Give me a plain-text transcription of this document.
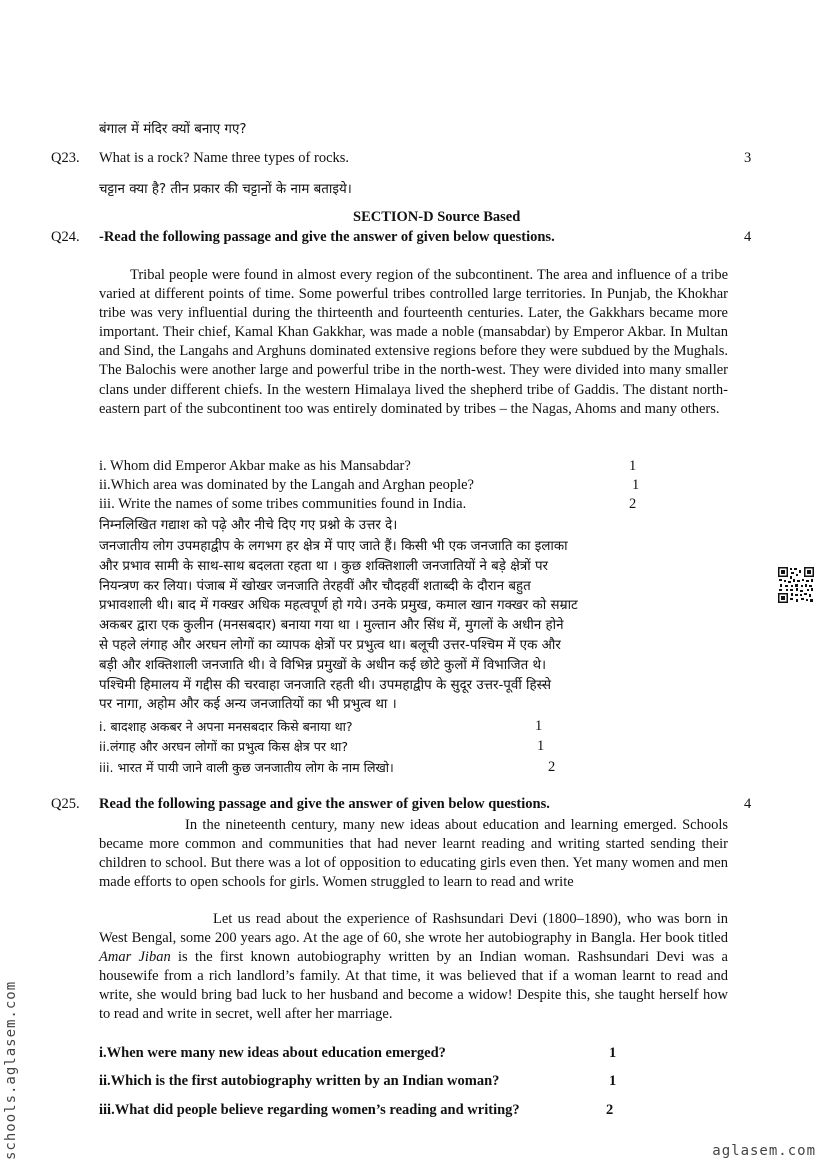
बंगाल में मंदिर क्यों बनाए गए?
Q23. What is a rock? Name three types of rocks.	3
चट्टान क्या है? तीन प्रकार की चट्टानों के नाम बताइये।
SECTION-D Source Based
Q24. -Read the following passage and give the answer of given below questions.	4
Tribal people were found in almost every region of the subcontinent. The area and influence of a tribe varied at different points of time. Some powerful tribes controlled large territories. In Punjab, the Khokhar tribe was very influential during the thirteenth and fourteenth centuries. Later, the Gakkhars became more important. Their chief, Kamal Khan Gakkhar, was made a noble (mansabdar) by Emperor Akbar. In Multan and Sind, the Langahs and Arghuns dominated extensive regions before they were subdued by the Mughals. The Balochis were another large and powerful tribe in the north-west. They were divided into many smaller clans under different chiefs. In the western Himalaya lived the shepherd tribe of Gaddis. The distant north-eastern part of the subcontinent too was entirely dominated by tribes – the Nagas, Ahoms and many others.
i. Whom did Emperor Akbar make as his Mansabdar?	1
ii.Which area was dominated by the Langah and Arghan people?	1
iii. Write the names of some tribes communities found in India.	2
निम्नलिखित गद्याश को पढ़े और नीचे दिए गए प्रश्नो के उत्तर दे।
जनजातीय लोग उपमहाद्वीप के लगभग हर क्षेत्र में पाए जाते हैं। किसी भी एक जनजाति का इलाका
और प्रभाव सामी के साथ-साथ बदलता रहता था । कुछ शक्तिशाली जनजातियों ने बड़े क्षेत्रों पर
नियन्त्रण कर लिया। पंजाब में खोखर जनजाति तेरहवीं और चौदहवीं शताब्दी के दौरान बहुत
प्रभावशाली थी। बाद में गक्खर अधिक महत्वपूर्ण हो गये। उनके प्रमुख, कमाल खान गक्खर को सम्राट
अकबर द्वारा एक कुलीन (मनसबदार) बनाया गया था । मुल्तान और सिंध में, मुगलों के अधीन होने
से पहले लंगाह और अरघन लोगों का व्यापक क्षेत्रों पर प्रभुत्व था। बलूची उत्तर-पश्चिम में एक और
बड़ी और शक्तिशाली जनजाति थी। वे विभिन्न प्रमुखों के अधीन कई छोटे कुलों में विभाजित थे।
पश्चिमी हिमालय में गद्दीस की चरवाहा जनजाति रहती थी। उपमहाद्वीप के सुदूर उत्तर-पूर्वी हिस्से
पर नागा, अहोम और कई अन्य जनजातियों का भी प्रभुत्व था ।
i. बादशाह अकबर ने अपना मनसबदार किसे बनाया था?	1
ii.लंगाह और अरघन लोगों का प्रभुत्व किस क्षेत्र पर था?	1
iii. भारत में पायी जाने वाली कुछ जनजातीय लोग के नाम लिखो।	2
Q25. Read the following passage and give the answer of given below questions.	4
In the nineteenth century, many new ideas about education and learning emerged. Schools became more common and communities that had never learnt reading and writing started sending their children to school. But there was a lot of opposition to educating girls even then. Yet many women and men made efforts to open schools for girls. Women struggled to learn to read and write
Let us read about the experience of Rashsundari Devi (1800–1890), who was born in West Bengal, some 200 years ago. At the age of 60, she wrote her autobiography in Bangla. Her book titled Amar Jiban is the first known autobiography written by an Indian woman. Rashsundari Devi was a housewife from a rich landlord’s family. At that time, it was believed that if a woman learnt to read and write, she would bring bad luck to her husband and become a widow! Despite this, she taught herself how to read and write in secret, well after her marriage.
i.When were many new ideas about education emerged?	1
ii.Which is the first autobiography written by an Indian woman?	1
iii.What did people believe regarding women’s reading and writing?	2
schools.aglasem.com	aglasem.com
